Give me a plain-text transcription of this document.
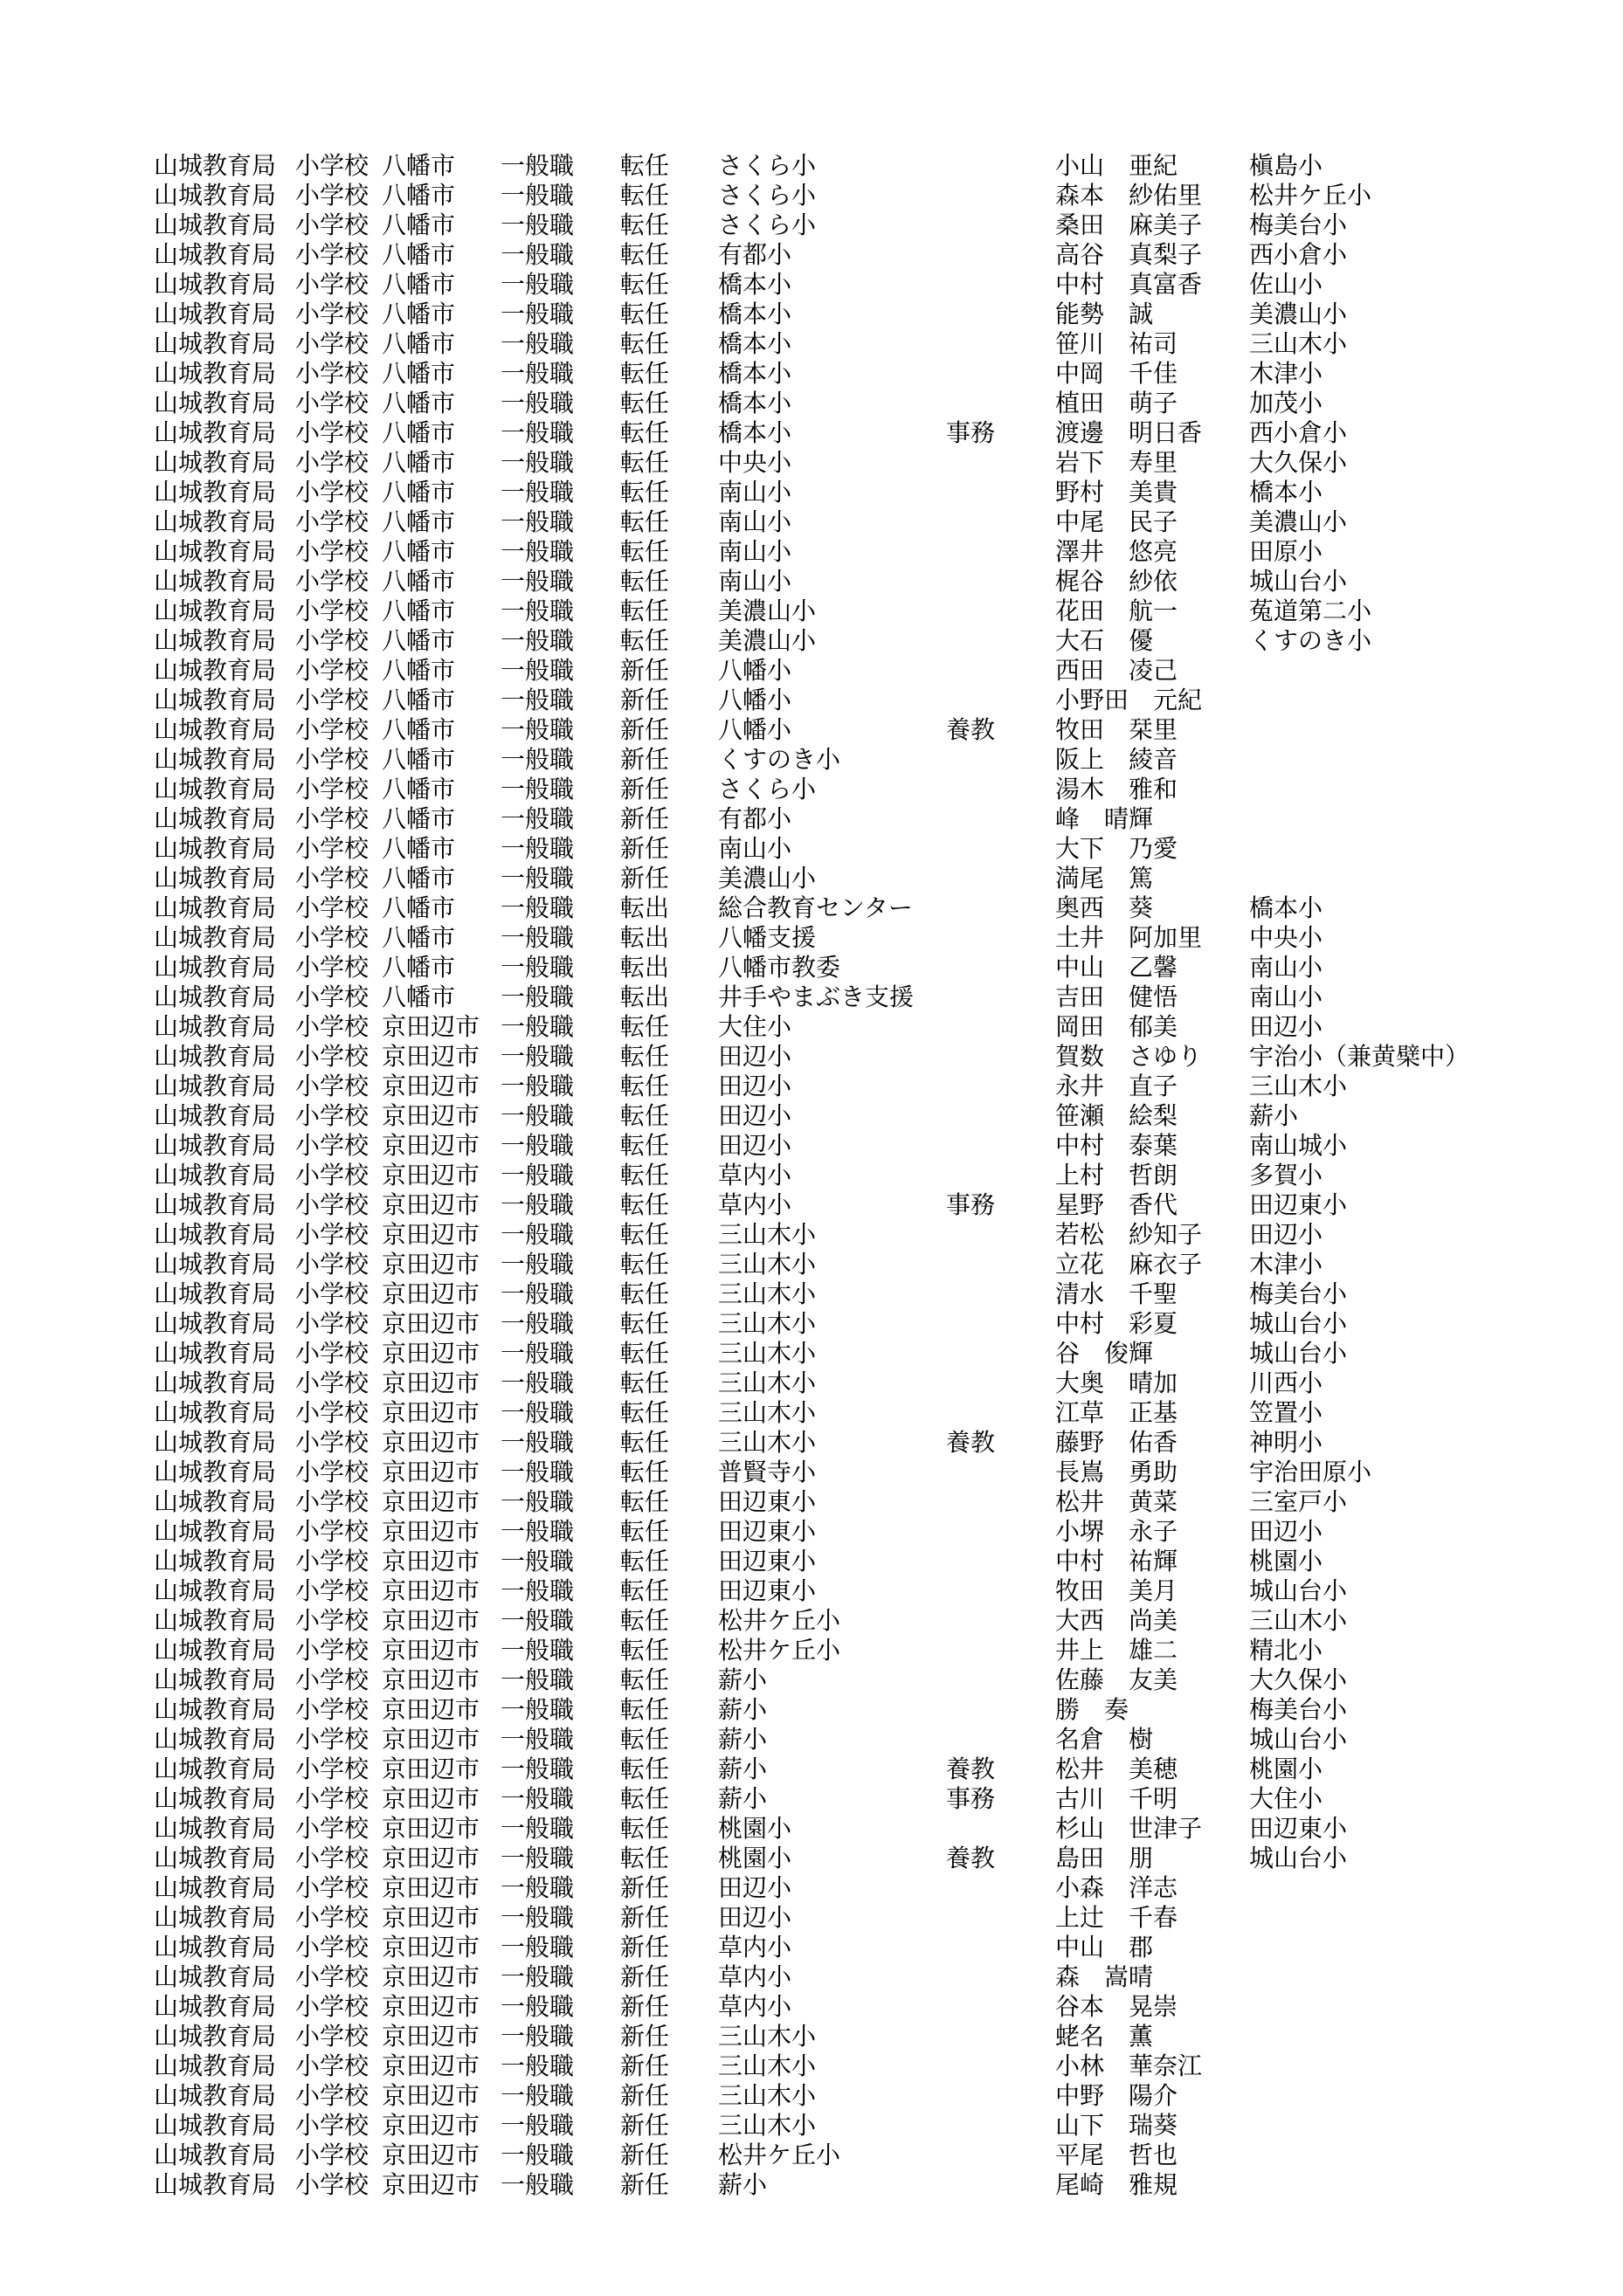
山城教育局 小学校 八幡市	一般職	転任	さくら小	小山　亜紀	槇島小
山城教育局 小学校 八幡市	一般職	転任	さくら小	森本　紗佑里	松井ケ丘小
山城教育局 小学校 八幡市	一般職	転任	さくら小	桑田　麻美子	梅美台小
山城教育局 小学校 八幡市	一般職	転任	有都小	高谷　真梨子	西小倉小
山城教育局 小学校 八幡市	一般職	転任	橋本小	中村　真富香	佐山小
山城教育局 小学校 八幡市	一般職	転任	橋本小	能勢　誠	美濃山小
山城教育局 小学校 八幡市	一般職	転任	橋本小	笹川　祐司	三山木小
山城教育局 小学校 八幡市	一般職	転任	橋本小	中岡　千佳	木津小
山城教育局 小学校 八幡市	一般職	転任	橋本小	植田　萌子	加茂小
山城教育局 小学校 八幡市	一般職	転任	橋本小	事務	渡邊　明日香	西小倉小
山城教育局 小学校 八幡市	一般職	転任	中央小	岩下　寿里	大久保小
山城教育局 小学校 八幡市	一般職	転任	南山小	野村　美貴	橋本小
山城教育局 小学校 八幡市	一般職	転任	南山小	中尾　民子	美濃山小
山城教育局 小学校 八幡市	一般職	転任	南山小	澤井　悠亮	田原小
山城教育局 小学校 八幡市	一般職	転任	南山小	梶谷　紗依	城山台小
山城教育局 小学校 八幡市	一般職	転任	美濃山小	花田　航一	菟道第二小
山城教育局 小学校 八幡市	一般職	転任	美濃山小	大石　優	くすのき小
山城教育局 小学校 八幡市	一般職	新任	八幡小	西田　凌己
山城教育局 小学校 八幡市	一般職	新任	八幡小	小野田　元紀
山城教育局 小学校 八幡市	一般職	新任	八幡小	養教	牧田　栞里
山城教育局 小学校 八幡市	一般職	新任	くすのき小	阪上　綾音
山城教育局 小学校 八幡市	一般職	新任	さくら小	湯木　雅和
山城教育局 小学校 八幡市	一般職	新任	有都小	峰　晴輝
山城教育局 小学校 八幡市	一般職	新任	南山小	大下　乃愛
山城教育局 小学校 八幡市	一般職	新任	美濃山小	満尾　篤
山城教育局 小学校 八幡市	一般職	転出	総合教育センター	奥西　葵	橋本小
山城教育局 小学校 八幡市	一般職	転出	八幡支援	土井　阿加里	中央小
山城教育局 小学校 八幡市	一般職	転出	八幡市教委	中山　乙馨	南山小
山城教育局 小学校 八幡市	一般職	転出	井手やまぶき支援	吉田　健悟	南山小
山城教育局 小学校 京田辺市 一般職	転任	大住小	岡田　郁美	田辺小
山城教育局 小学校 京田辺市 一般職	転任	田辺小	賀数　さゆり	宇治小（兼黄檗中）
山城教育局 小学校 京田辺市 一般職	転任	田辺小	永井　直子	三山木小
山城教育局 小学校 京田辺市 一般職	転任	田辺小	笹瀬　絵梨	薪小
山城教育局 小学校 京田辺市 一般職	転任	田辺小	中村　泰葉	南山城小
山城教育局 小学校 京田辺市 一般職	転任	草内小	上村　哲朗	多賀小
山城教育局 小学校 京田辺市 一般職	転任	草内小	事務	星野　香代	田辺東小
山城教育局 小学校 京田辺市 一般職	転任	三山木小	若松　紗知子	田辺小
山城教育局 小学校 京田辺市 一般職	転任	三山木小	立花　麻衣子	木津小
山城教育局 小学校 京田辺市 一般職	転任	三山木小	清水　千聖	梅美台小
山城教育局 小学校 京田辺市 一般職	転任	三山木小	中村　彩夏	城山台小
山城教育局 小学校 京田辺市 一般職	転任	三山木小	谷　俊輝	城山台小
山城教育局 小学校 京田辺市 一般職	転任	三山木小	大奥　晴加	川西小
山城教育局 小学校 京田辺市 一般職	転任	三山木小	江草　正基	笠置小
山城教育局 小学校 京田辺市 一般職	転任	三山木小	養教	藤野　佑香	神明小
山城教育局 小学校 京田辺市 一般職	転任	普賢寺小	長嶌　勇助	宇治田原小
山城教育局 小学校 京田辺市 一般職	転任	田辺東小	松井　黄菜	三室戸小
山城教育局 小学校 京田辺市 一般職	転任	田辺東小	小堺　永子	田辺小
山城教育局 小学校 京田辺市 一般職	転任	田辺東小	中村　祐輝	桃園小
山城教育局 小学校 京田辺市 一般職	転任	田辺東小	牧田　美月	城山台小
山城教育局 小学校 京田辺市 一般職	転任	松井ケ丘小	大西　尚美	三山木小
山城教育局 小学校 京田辺市 一般職	転任	松井ケ丘小	井上　雄二	精北小
山城教育局 小学校 京田辺市 一般職	転任	薪小	佐藤　友美	大久保小
山城教育局 小学校 京田辺市 一般職	転任	薪小	勝　奏	梅美台小
山城教育局 小学校 京田辺市 一般職	転任	薪小	名倉　樹	城山台小
山城教育局 小学校 京田辺市 一般職	転任	薪小	養教	松井　美穂	桃園小
山城教育局 小学校 京田辺市 一般職	転任	薪小	事務	古川　千明	大住小
山城教育局 小学校 京田辺市 一般職	転任	桃園小	杉山　世津子	田辺東小
山城教育局 小学校 京田辺市 一般職	転任	桃園小	養教	島田　朋	城山台小
山城教育局 小学校 京田辺市 一般職	新任	田辺小	小森　洋志
山城教育局 小学校 京田辺市 一般職	新任	田辺小	上辻　千春
山城教育局 小学校 京田辺市 一般職	新任	草内小	中山　郡
山城教育局 小学校 京田辺市 一般職	新任	草内小	森　嵩晴
山城教育局 小学校 京田辺市 一般職	新任	草内小	谷本　晃崇
山城教育局 小学校 京田辺市 一般職	新任	三山木小	蛯名　薫
山城教育局 小学校 京田辺市 一般職	新任	三山木小	小林　華奈江
山城教育局 小学校 京田辺市 一般職	新任	三山木小	中野　陽介
山城教育局 小学校 京田辺市 一般職	新任	三山木小	山下　瑞葵
山城教育局 小学校 京田辺市 一般職	新任	松井ケ丘小	平尾　哲也
山城教育局 小学校 京田辺市 一般職	新任	薪小	尾崎　雅規
